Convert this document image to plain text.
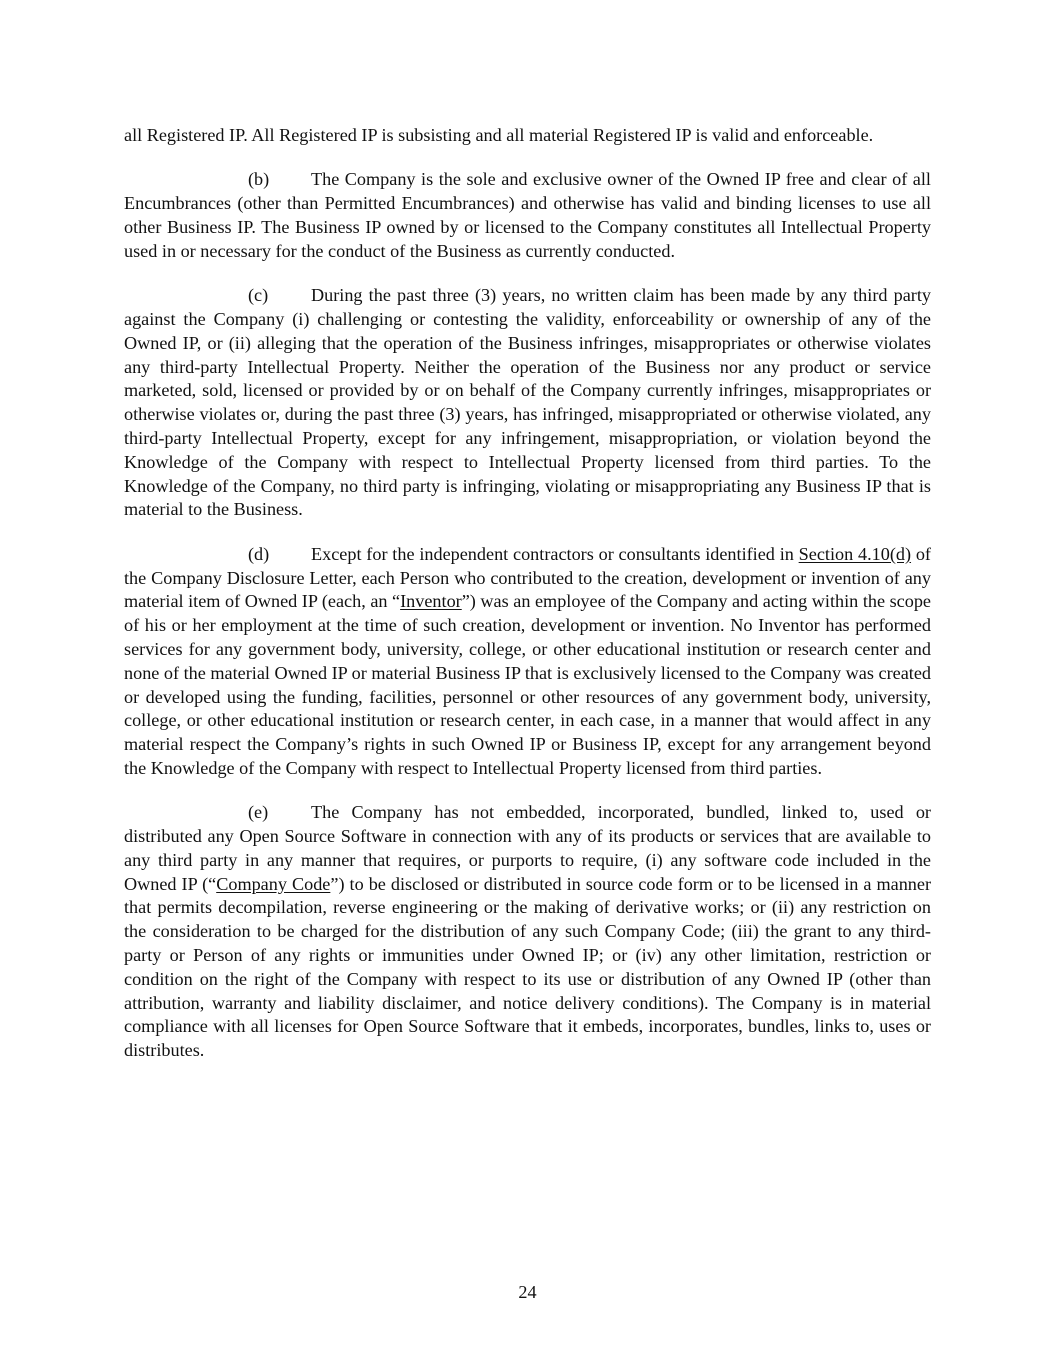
all Registered IP. All Registered IP is subsisting and all material Registered IP is valid and enforceable.

(b) The Company is the sole and exclusive owner of the Owned IP free and clear of all Encumbrances (other than Permitted Encumbrances) and otherwise has valid and binding licenses to use all other Business IP. The Business IP owned by or licensed to the Company constitutes all Intellectual Property used in or necessary for the conduct of the Business as currently conducted.

(c) During the past three (3) years, no written claim has been made by any third party against the Company (i) challenging or contesting the validity, enforceability or ownership of any of the Owned IP, or (ii) alleging that the operation of the Business infringes, misappropriates or otherwise violates any third-party Intellectual Property. Neither the operation of the Business nor any product or service marketed, sold, licensed or provided by or on behalf of the Company currently infringes, misappropriates or otherwise violates or, during the past three (3) years, has infringed, misappropriated or otherwise violated, any third-party Intellectual Property, except for any infringement, misappropriation, or violation beyond the Knowledge of the Company with respect to Intellectual Property licensed from third parties. To the Knowledge of the Company, no third party is infringing, violating or misappropriating any Business IP that is material to the Business.

(d) Except for the independent contractors or consultants identified in Section 4.10(d) of the Company Disclosure Letter, each Person who contributed to the creation, development or invention of any material item of Owned IP (each, an “Inventor”) was an employee of the Company and acting within the scope of his or her employment at the time of such creation, development or invention. No Inventor has performed services for any government body, university, college, or other educational institution or research center and none of the material Owned IP or material Business IP that is exclusively licensed to the Company was created or developed using the funding, facilities, personnel or other resources of any government body, university, college, or other educational institution or research center, in each case, in a manner that would affect in any material respect the Company’s rights in such Owned IP or Business IP, except for any arrangement beyond the Knowledge of the Company with respect to Intellectual Property licensed from third parties.

(e) The Company has not embedded, incorporated, bundled, linked to, used or distributed any Open Source Software in connection with any of its products or services that are available to any third party in any manner that requires, or purports to require, (i) any software code included in the Owned IP (“Company Code”) to be disclosed or distributed in source code form or to be licensed in a manner that permits decompilation, reverse engineering or the making of derivative works; or (ii) any restriction on the consideration to be charged for the distribution of any such Company Code; (iii) the grant to any third-party or Person of any rights or immunities under Owned IP; or (iv) any other limitation, restriction or condition on the right of the Company with respect to its use or distribution of any Owned IP (other than attribution, warranty and liability disclaimer, and notice delivery conditions). The Company is in material compliance with all licenses for Open Source Software that it embeds, incorporates, bundles, links to, uses or distributes.

24
